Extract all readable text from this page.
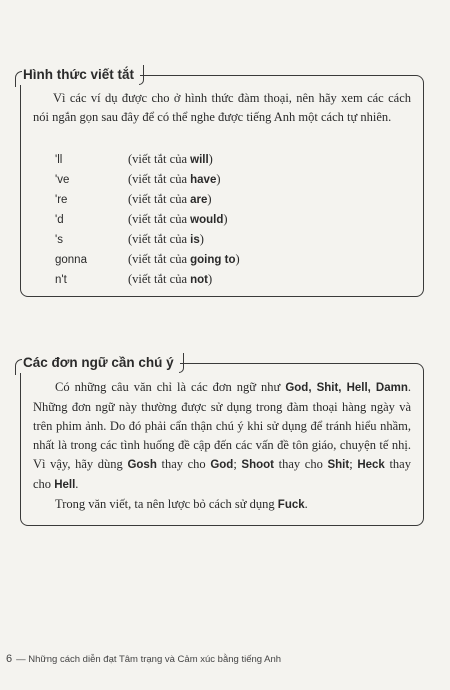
Hình thức viết tắt

Vì các ví dụ được cho ở hình thức đàm thoại, nên hãy xem các cách nói ngắn gọn sau đây để có thể nghe được tiếng Anh một cách tự nhiên.

'll	(viết tắt của will)
've	(viết tắt của have)
're	(viết tắt của are)
'd	(viết tắt của would)
's	(viết tắt của is)
gonna	(viết tắt của going to)
n't	(viết tắt của not)
Các đơn ngữ cần chú ý

Có những câu văn chỉ là các đơn ngữ như God, Shit, Hell, Damn. Những đơn ngữ này thường được sử dụng trong đàm thoại hàng ngày và trên phim ảnh. Do đó phải cẩn thận chú ý khi sử dụng để tránh hiểu nhầm, nhất là trong các tình huống đề cập đến các vấn đề tôn giáo, chuyện tế nhị. Vì vậy, hãy dùng Gosh thay cho God; Shoot thay cho Shit; Heck thay cho Hell.

Trong văn viết, ta nên lược bỏ cách sử dụng Fuck.

6 — Những cách diễn đạt Tâm trạng và Cảm xúc bằng tiếng Anh
